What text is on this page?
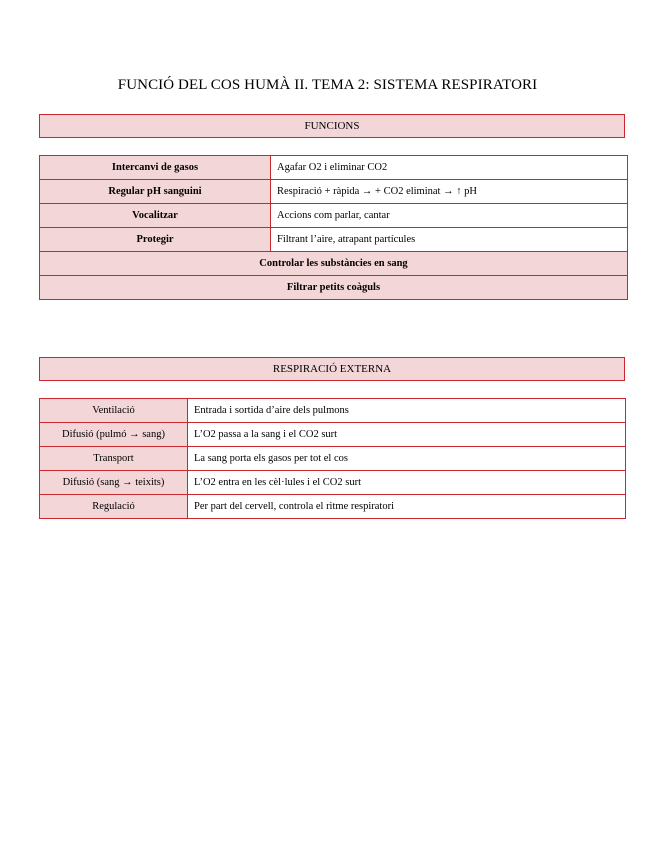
FUNCIÓ DEL COS HUMÀ II. TEMA 2: SISTEMA RESPIRATORI
FUNCIONS
Intercanvi de gasos	Agafar O2 i eliminar CO2
Regular pH sanguini	Respiració + ràpida → + CO2 eliminat → ↑ pH
Vocalitzar	Accions com parlar, cantar
Protegir	Filtrant l’aire, atrapant partícules
Controlar les substàncies en sang	
Filtrar petits coàguls	
RESPIRACIÓ EXTERNA
Ventilació	Entrada i sortida d’aire dels pulmons
Difusió (pulmó → sang)	L’O2 passa a la sang i el CO2 surt
Transport	La sang porta els gasos per tot el cos
Difusió (sang → teixits)	L’O2 entra en les cèl·lules i el CO2 surt
Regulació	Per part del cervell, controla el ritme respiratori
